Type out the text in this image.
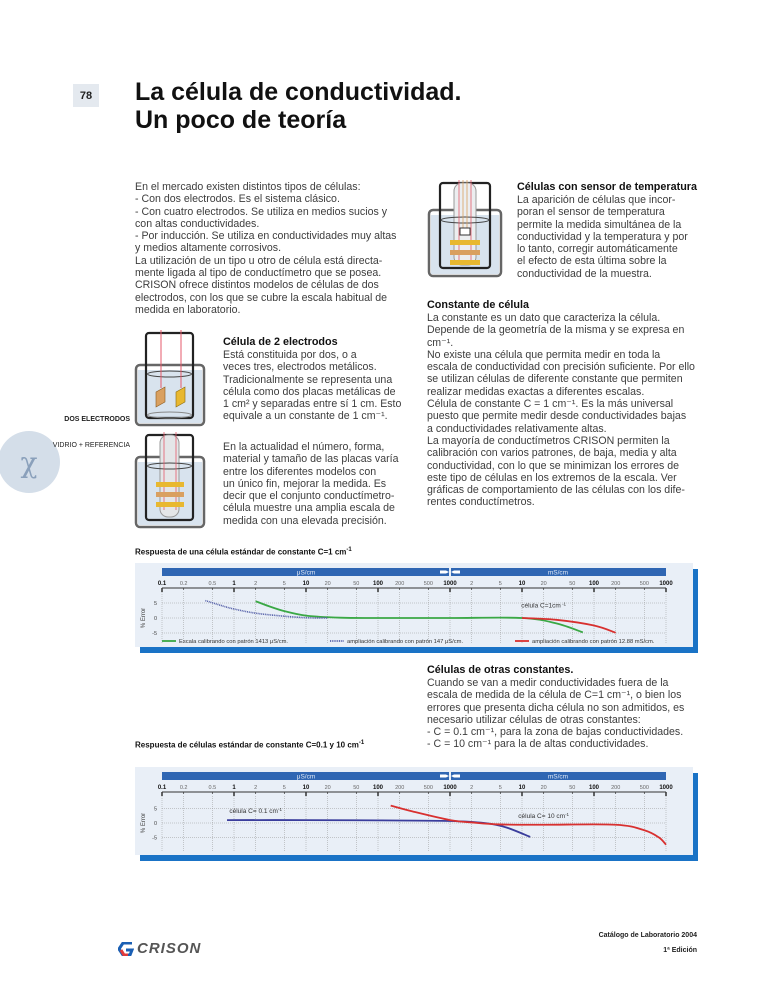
78 La célula de conductividad.
Un poco de teoría
En el mercado existen distintos tipos de células:
- Con dos electrodos. Es el sistema clásico.
- Con cuatro electrodos. Se utiliza en medios sucios y
con altas conductividades.
- Por inducción. Se utiliza en conductividades muy altas
y medios altamente corrosivos.
La utilización de un tipo u otro de célula está directa-
mente ligada al tipo de conductímetro que se posea.
CRISON ofrece distintos modelos de células de dos
electrodos, con los que se cubre la escala habitual de
medida en laboratorio.

DOS ELECTRODOS

VIDRIO + REFERENCIA

Célula de 2 electrodos
Está constituida por dos, o a
veces tres, electrodos metálicos.
Tradicionalmente se representa una
célula como dos placas metálicas de
1 cm² y separadas entre sí 1 cm. Esto
equivale a un constante de 1 cm⁻¹.
En la actualidad el número, forma,
material y tamaño de las placas varía
entre los diferentes modelos con
un único fin, mejorar la medida. Es
decir que el conjunto conductímetro-
célula muestre una amplia escala de
medida con una elevada precisión.
χ
Células con sensor de temperatura
La aparición de células que incor-
poran el sensor de temperatura
permite la medida simultánea de la
conductividad y la temperatura y por
lo tanto, corregir automáticamente
el efecto de esta última sobre la
conductividad de la muestra.
Constante de célula
La constante es un dato que caracteriza la célula.
Depende de la geometría de la misma y se expresa en
cm⁻¹.
No existe una célula que permita medir en toda la
escala de conductividad con precisión suficiente. Por ello
se utilizan células de diferente constante que permiten
realizar medidas exactas a diferentes escalas.
Célula de constante C = 1 cm⁻¹. Es la más universal
puesto que permite medir desde conductividades bajas
a conductividades relativamente altas.
La mayoría de conductímetros CRISON permiten la
calibración con varios patrones, de baja, media y alta
conductividad, con lo que se minimizan los errores de
este tipo de células en los extremos de la escala. Ver
gráficas de comportamiento de las células con los dife-
rentes conductímetros.
Respuesta de una célula estándar de constante C=1 $cm^{-1}$
μS/cm	mS/cm
0.1 0.2	0.5	1	2	5	10	20	50 100 200	500 1000 2	5	10	20	50 100 200	500 1000
5
0
-5
% Error
célula C=1cm $^{-1}$
Escala calibrando con patrón 1413 μS/cm.	ampliación calibrando con patrón 147 μS/cm.	ampliación calibrando con patrón 12.88 mS/cm.
Células de otras constantes.
Cuando se van a medir conductividades fuera de la
escala de medida de la célula de C=1 cm⁻¹, o bien los
errores que presenta dicha célula no son admitidos, es
necesario utilizar células de otras constantes:
- C = 0.1 cm⁻¹, para la zona de bajas conductividades.
- C = 10 cm⁻¹ para la de altas conductividades.
Respuesta de células estándar de constante C=0.1 y 10 $cm^{-1}$
μS/cm	mS/cm
0.1 0.2	0.5	1	2	5	10	20	50 100 200	500 1000 2	5	10	20	50 100 200	500 1000
5
0
-5
% Error
célula C= 0.1 $cm^{-1}$
célula C= 10 $cm^{-1}$
CRISON
Catálogo de Laboratorio 2004
1ª Edición
